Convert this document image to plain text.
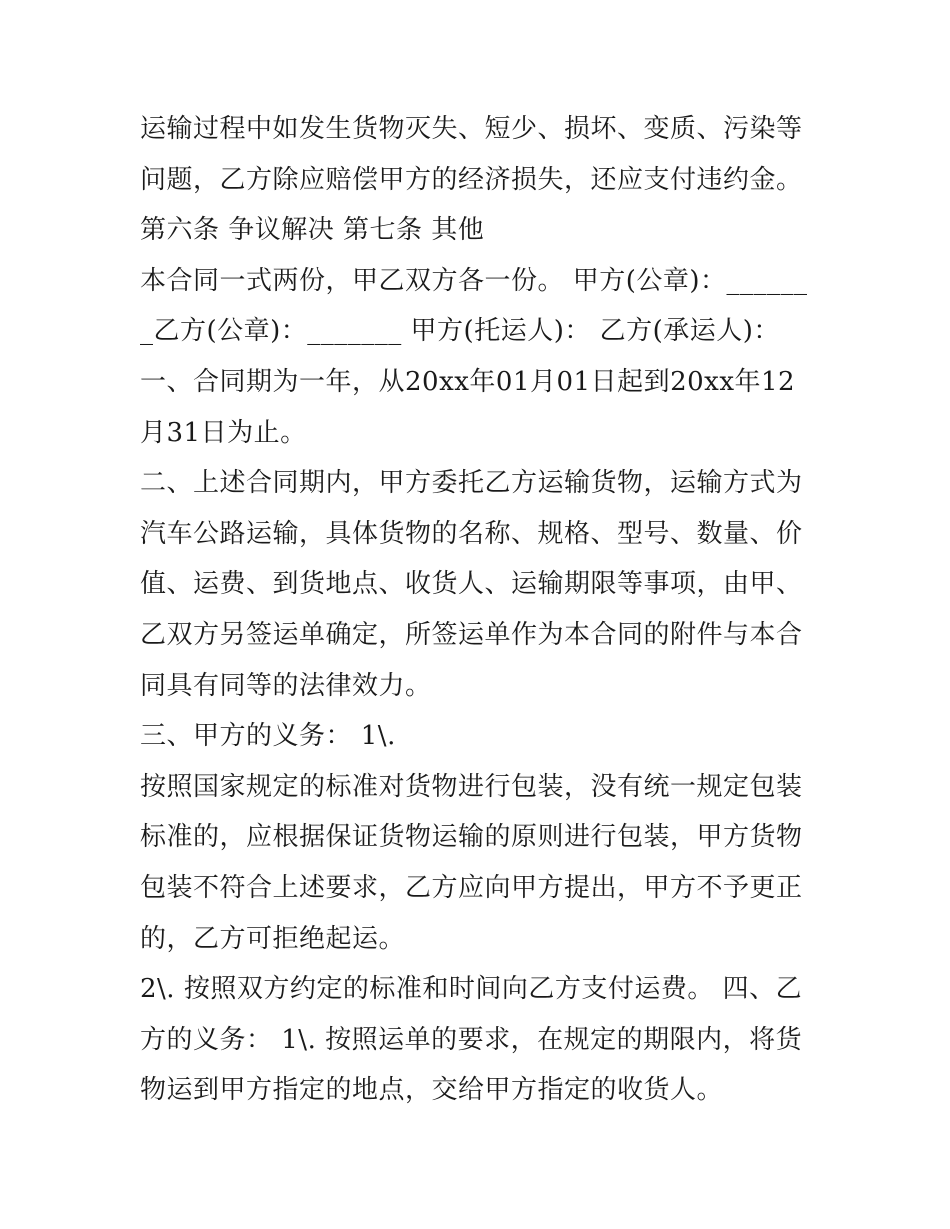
运输过程中如发生货物灭失、短少、损坏、变质、污染等问题，乙方除应赔偿甲方的经济损失，还应支付违约金。 第六条 争议解决 第七条 其他

本合同一式两份，甲乙双方各一份。 甲方(公章)：_______乙方(公章)：_______ 甲方(托运人)： 乙方(承运人)：

一、合同期为一年，从20xx年01月01日起到20xx年12月31日为止。

二、上述合同期内，甲方委托乙方运输货物，运输方式为汽车公路运输，具体货物的名称、规格、型号、数量、价值、运费、到货地点、收货人、运输期限等事项，由甲、乙双方另签运单确定，所签运单作为本合同的附件与本合同具有同等的法律效力。

三、甲方的义务： 1\.

按照国家规定的标准对货物进行包装，没有统一规定包装标准的，应根据保证货物运输的原则进行包装，甲方货物包装不符合上述要求，乙方应向甲方提出，甲方不予更正的，乙方可拒绝起运。

2\. 按照双方约定的标准和时间向乙方支付运费。 四、乙方的义务： 1\. 按照运单的要求，在规定的期限内，将货物运到甲方指定的地点，交给甲方指定的收货人。
